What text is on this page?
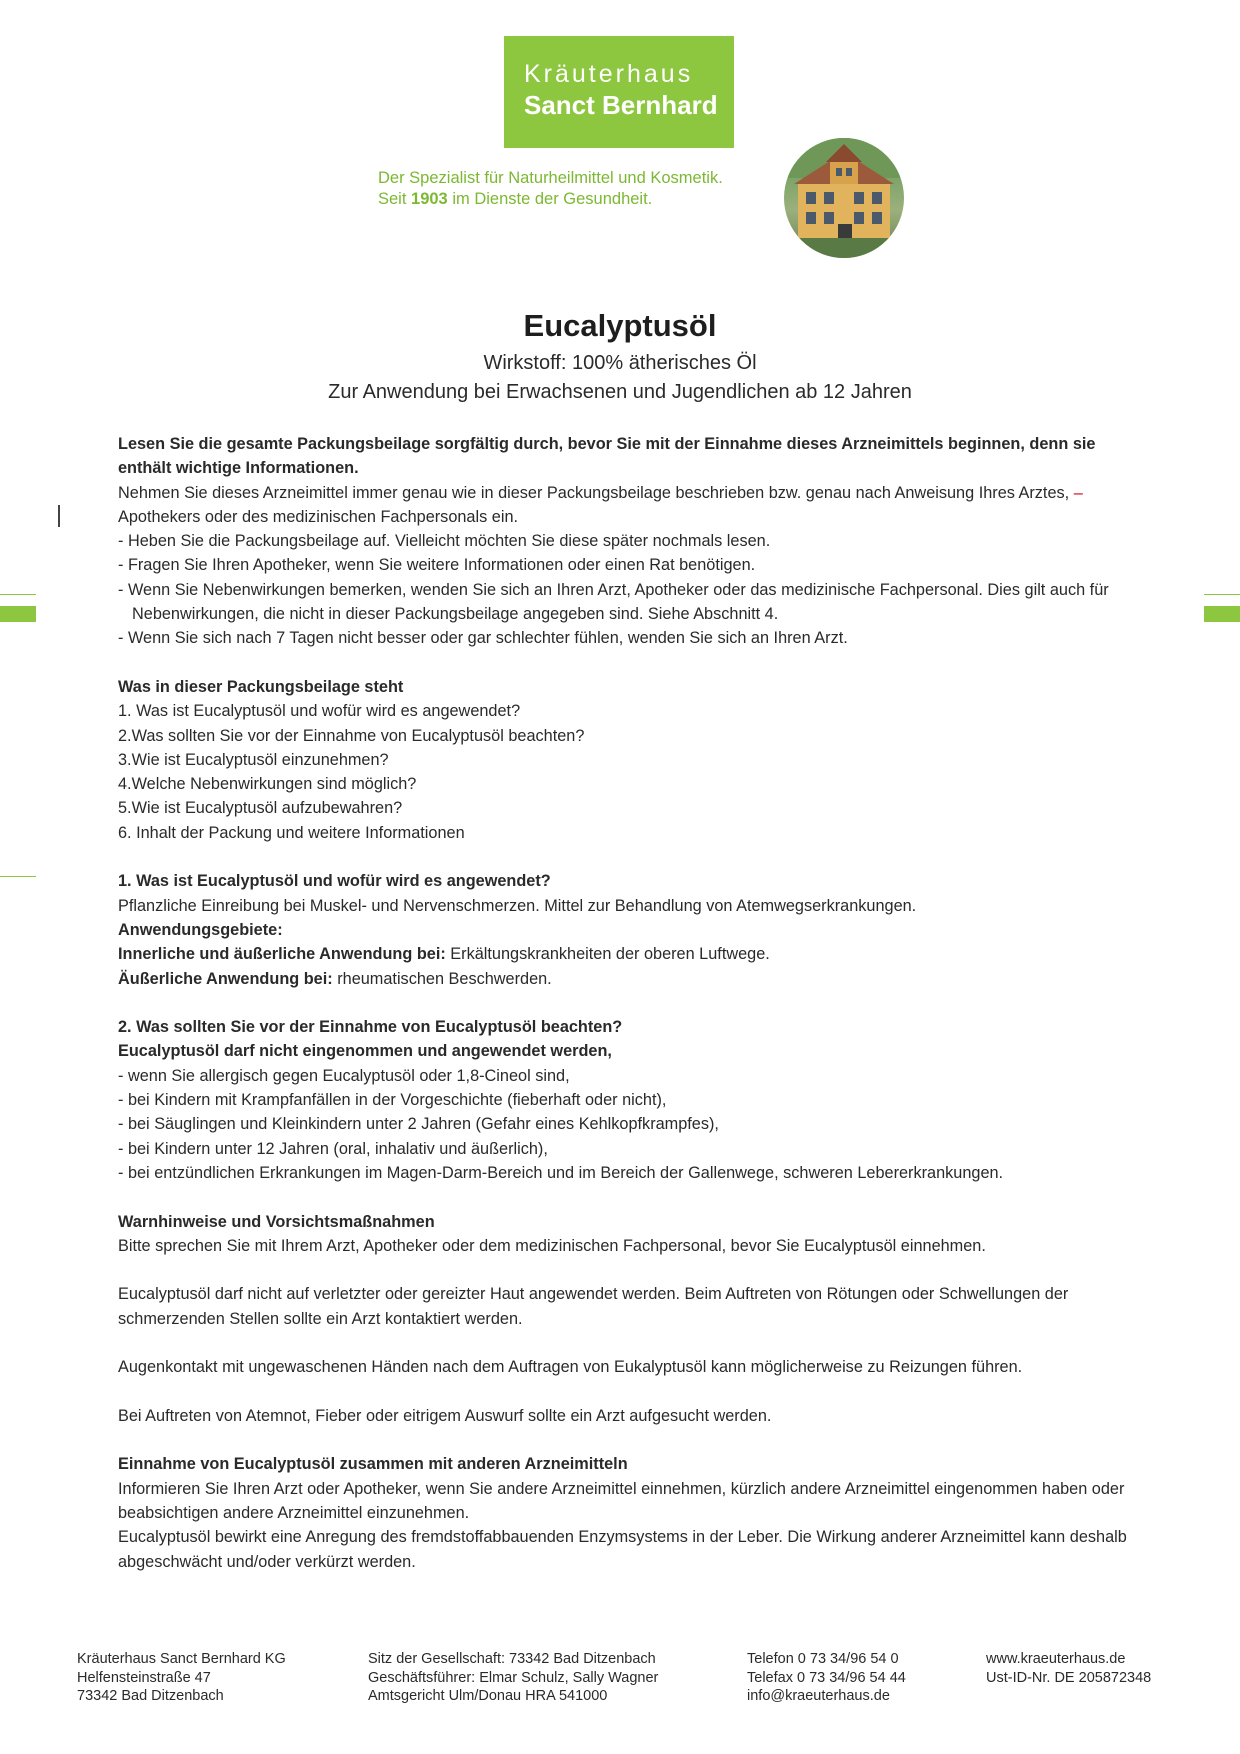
Kräuterhaus
Sanct Bernhard
Der Spezialist für Naturheilmittel und Kosmetik.
Seit 1903 im Dienste der Gesundheit.
Eucalyptusöl
Wirkstoff: 100% ätherisches Öl
Zur Anwendung bei Erwachsenen und Jugendlichen ab 12 Jahren

Lesen Sie die gesamte Packungsbeilage sorgfältig durch, bevor Sie mit der Einnahme dieses Arzneimittels beginnen, denn sie enthält wichtige Informationen.

Nehmen Sie dieses Arzneimittel immer genau wie in dieser Packungsbeilage beschrieben bzw. genau nach Anweisung Ihres Arztes, –Apothekers oder des medizinischen Fachpersonals ein.

- Heben Sie die Packungsbeilage auf. Vielleicht möchten Sie diese später nochmals lesen.

- Fragen Sie Ihren Apotheker, wenn Sie weitere Informationen oder einen Rat benötigen.

- Wenn Sie Nebenwirkungen bemerken, wenden Sie sich an Ihren Arzt, Apotheker oder das medizinische Fachpersonal. Dies gilt auch für Nebenwirkungen, die nicht in dieser Packungsbeilage angegeben sind. Siehe Abschnitt 4.

- Wenn Sie sich nach 7 Tagen nicht besser oder gar schlechter fühlen, wenden Sie sich an Ihren Arzt.

Was in dieser Packungsbeilage steht

1. Was ist Eucalyptusöl und wofür wird es angewendet?

2.Was sollten Sie vor der Einnahme von Eucalyptusöl beachten?

3.Wie ist Eucalyptusöl einzunehmen?

4.Welche Nebenwirkungen sind möglich?

5.Wie ist Eucalyptusöl aufzubewahren?

6. Inhalt der Packung und weitere Informationen

1. Was ist Eucalyptusöl und wofür wird es angewendet?

Pflanzliche Einreibung bei Muskel- und Nervenschmerzen. Mittel zur Behandlung von Atemwegserkrankungen.

Anwendungsgebiete:

Innerliche und äußerliche Anwendung bei: Erkältungskrankheiten der oberen Luftwege.

Äußerliche Anwendung bei: rheumatischen Beschwerden.

2. Was sollten Sie vor der Einnahme von Eucalyptusöl beachten?

Eucalyptusöl darf nicht eingenommen und angewendet werden,

- wenn Sie allergisch gegen Eucalyptusöl oder 1,8-Cineol sind,

- bei Kindern mit Krampfanfällen in der Vorgeschichte (fieberhaft oder nicht),

- bei Säuglingen und Kleinkindern unter 2 Jahren (Gefahr eines Kehlkopfkrampfes),

- bei Kindern unter 12 Jahren (oral, inhalativ und äußerlich),

- bei entzündlichen Erkrankungen im Magen-Darm-Bereich und im Bereich der Gallenwege, schweren Lebererkrankungen.

Warnhinweise und Vorsichtsmaßnahmen

Bitte sprechen Sie mit Ihrem Arzt, Apotheker oder dem medizinischen Fachpersonal, bevor Sie Eucalyptusöl einnehmen.

Eucalyptusöl darf nicht auf verletzter oder gereizter Haut angewendet werden. Beim Auftreten von Rötungen oder Schwellungen der schmerzenden Stellen sollte ein Arzt kontaktiert werden.

Augenkontakt mit ungewaschenen Händen nach dem Auftragen von Eukalyptusöl kann möglicherweise zu Reizungen führen.

Bei Auftreten von Atemnot, Fieber oder eitrigem Auswurf sollte ein Arzt aufgesucht werden.

Einnahme von Eucalyptusöl zusammen mit anderen Arzneimitteln

Informieren Sie Ihren Arzt oder Apotheker, wenn Sie andere Arzneimittel einnehmen, kürzlich andere Arzneimittel eingenommen haben oder beabsichtigen andere Arzneimittel einzunehmen.

Eucalyptusöl bewirkt eine Anregung des fremdstoffabbauenden Enzymsystems in der Leber. Die Wirkung anderer Arzneimittel kann deshalb abgeschwächt und/oder verkürzt werden.

Kräuterhaus Sanct Bernhard KG
Helfensteinstraße 47
73342 Bad Ditzenbach
Sitz der Gesellschaft: 73342 Bad Ditzenbach
Geschäftsführer: Elmar Schulz, Sally Wagner
Amtsgericht Ulm/Donau HRA 541000
Telefon 0 73 34/96 54 0
Telefax 0 73 34/96 54 44
info@kraeuterhaus.de
www.kraeuterhaus.de
Ust-ID-Nr. DE 205872348
